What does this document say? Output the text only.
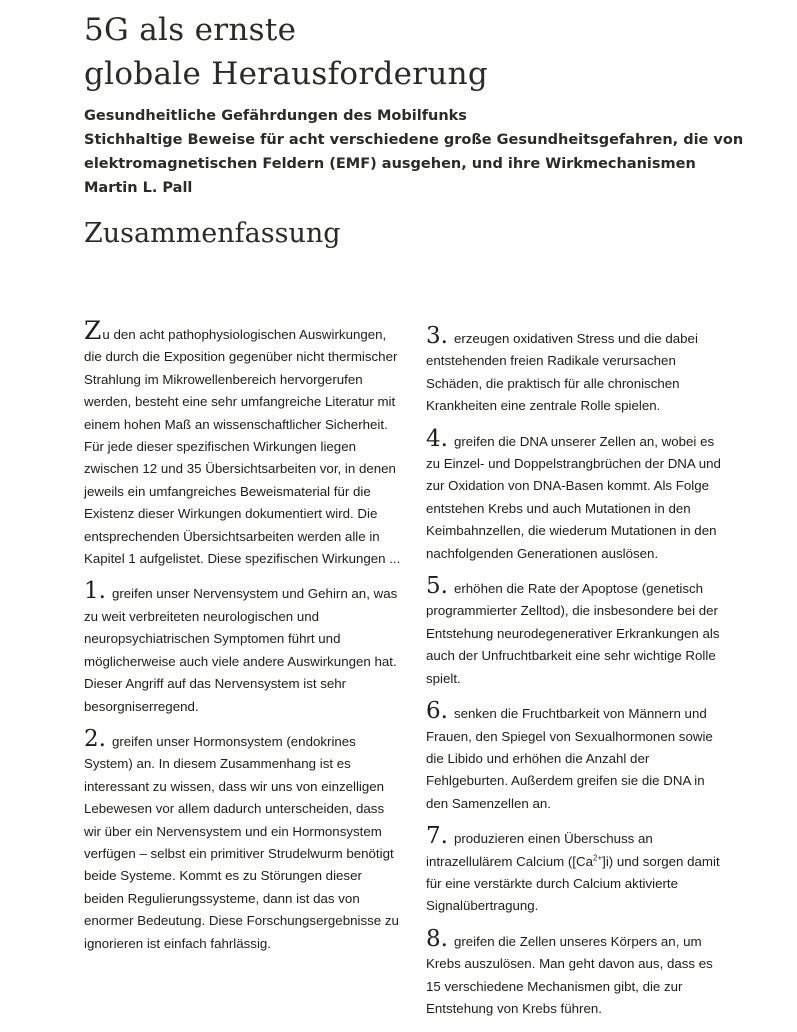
5G als ernste
globale Herausforderung
Gesundheitliche Gefährdungen des Mobilfunks
Stichhaltige Beweise für acht verschiedene große Gesundheitsgefahren, die von
elektromagnetischen Feldern (EMF) ausgehen, und ihre Wirkmechanismen
Martin L. Pall
Zusammenfassung

Zu den acht pathophysiologischen Auswirkungen, die durch die Exposition gegenüber nicht thermischer Strahlung im Mikrowellenbereich hervorgerufen werden, besteht eine sehr umfangreiche Literatur mit einem hohen Maß an wissenschaftlicher Sicherheit. Für jede dieser spezifischen Wirkungen liegen zwischen 12 und 35 Übersichtsarbeiten vor, in denen jeweils ein umfangreiches Beweismaterial für die Existenz dieser Wirkungen dokumentiert wird. Die entsprechenden Übersichtsarbeiten werden alle in Kapitel 1 aufgelistet. Diese spezifischen Wirkungen ...

1. greifen unser Nervensystem und Gehirn an, was zu weit verbreiteten neurologischen und neuropsychiatrischen Symptomen führt und möglicherweise auch viele andere Auswirkungen hat. Dieser Angriff auf das Nervensystem ist sehr besorgniserregend.

2. greifen unser Hormonsystem (endokrines System) an. In diesem Zusammenhang ist es interessant zu wissen, dass wir uns von einzelligen Lebewesen vor allem dadurch unterscheiden, dass wir über ein Nervensystem und ein Hormonsystem verfügen – selbst ein primitiver Strudelwurm benötigt beide Systeme. Kommt es zu Störungen dieser beiden Regulierungssysteme, dann ist das von enormer Bedeutung. Diese Forschungsergebnisse zu ignorieren ist einfach fahrlässig.

3. erzeugen oxidativen Stress und die dabei entstehenden freien Radikale verursachen Schäden, die praktisch für alle chronischen Krankheiten eine zentrale Rolle spielen.

4. greifen die DNA unserer Zellen an, wobei es zu Einzel- und Doppelstrangbrüchen der DNA und zur Oxidation von DNA-Basen kommt. Als Folge entstehen Krebs und auch Mutationen in den Keimbahnzellen, die wiederum Mutationen in den nachfolgenden Generationen auslösen.

5. erhöhen die Rate der Apoptose (genetisch programmierter Zelltod), die insbesondere bei der Entstehung neurodegenerativer Erkrankungen als auch der Unfruchtbarkeit eine sehr wichtige Rolle spielt.

6. senken die Fruchtbarkeit von Männern und Frauen, den Spiegel von Sexualhormonen sowie die Libido und erhöhen die Anzahl der Fehlgeburten. Außerdem greifen sie die DNA in den Samenzellen an.

7. produzieren einen Überschuss an intrazellulärem Calcium $([Ca^{2+}]i)$ und sorgen damit für eine verstärkte durch Calcium aktivierte Signalübertragung.

8. greifen die Zellen unseres Körpers an, um Krebs auszulösen. Man geht davon aus, dass es 15 verschiedene Mechanismen gibt, die zur Entstehung von Krebs führen.
